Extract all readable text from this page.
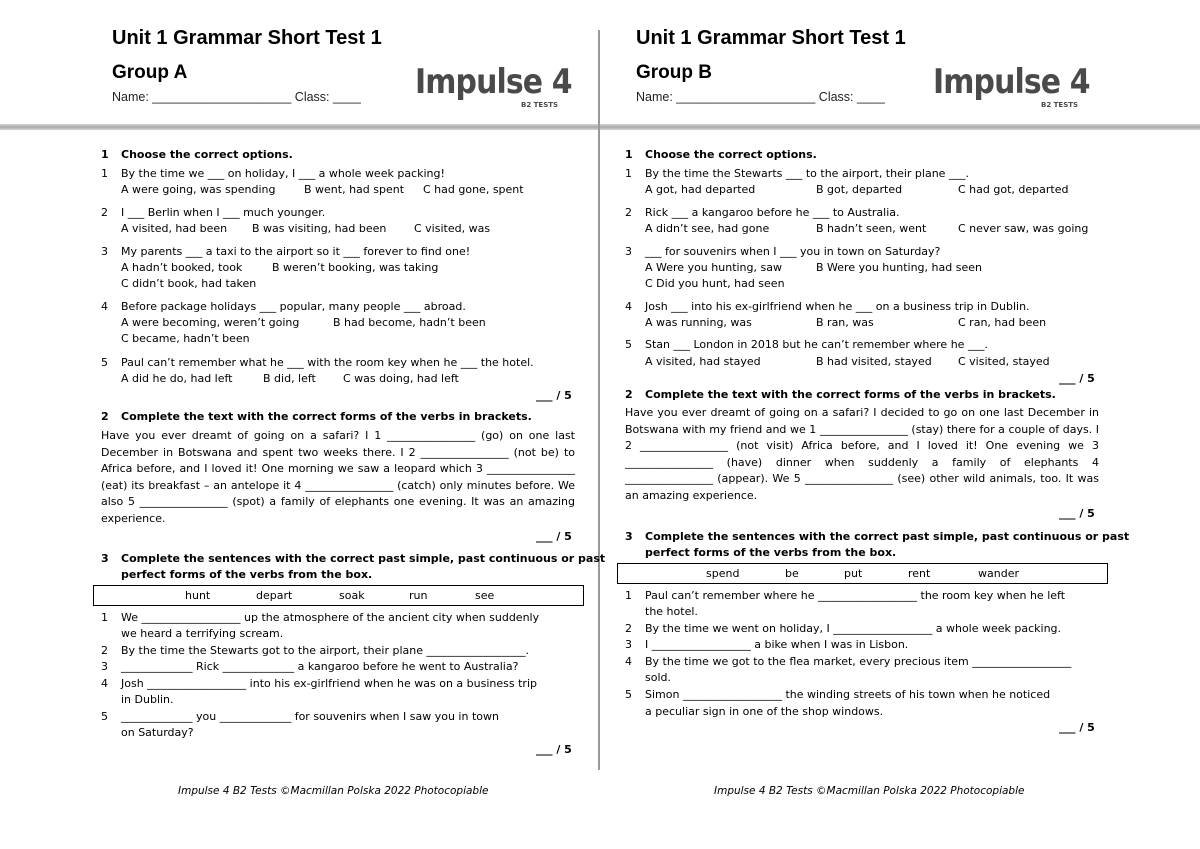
Unit 1 Grammar Short Test 1
Group A
Name: ____________________ Class: ____ Impulse 4
B2 TESTS
1 Choose the correct options.
1 By the time we ___ on holiday, I ___ a whole week packing!
A were going, was spending	B went, had spent C had gone, spent
2 I ___ Berlin when I ___ much younger.
A visited, had been B was visiting, had been	C visited, was
3 My parents ___ a taxi to the airport so it ___ forever to find one!
A hadn’t booked, took	B weren’t booking, was taking
C didn’t book, had taken
4 Before package holidays ___ popular, many people ___ abroad.
A were becoming, weren’t going	B had become, hadn’t been
C became, hadn’t been
5 Paul can’t remember what he ___ with the room key when he ___ the hotel.
A did he do, had left	B did, left C was doing, had left
___ / 5
2 Complete the text with the correct forms of the verbs in brackets.
Have you ever dreamt of going on a safari? I 1 ________________ (go) on one last December in Botswana and spent two weeks there. I 2 ________________ (not be) to Africa before, and I loved it! One morning we saw a leopard which 3 ________________ (eat) its breakfast – an antelope it 4 ________________ (catch) only minutes before. We also 5 ________________ (spot) a family of elephants one evening. It was an amazing experience.
___ / 5
3 Complete the sentences with the correct past simple, past continuous or past
perfect forms of the verbs from the box.
hunt	depart	soak	run	see
1 We __________________ up the atmosphere of the ancient city when suddenly
we heard a terrifying scream.
2 By the time the Stewarts got to the airport, their plane __________________.
3 _____________ Rick _____________ a kangaroo before he went to Australia?
4 Josh __________________ into his ex-girlfriend when he was on a business trip
in Dublin.
5 _____________ you _____________ for souvenirs when I saw you in town
on Saturday?
___ / 5
Impulse 4 B2 Tests ©Macmillan Polska 2022 Photocopiable
Unit 1 Grammar Short Test 1
Group B
Name: ____________________ Class: ____ Impulse 4
B2 TESTS
1 Choose the correct options.
1 By the time the Stewarts ___ to the airport, their plane ___.
A got, had departed	B got, departed	C had got, departed
2 Rick ___ a kangaroo before he ___ to Australia.
A didn’t see, had gone	B hadn’t seen, went	C never saw, was going
3 ___ for souvenirs when I ___ you in town on Saturday?
A Were you hunting, saw	B Were you hunting, had seen
C Did you hunt, had seen
4 Josh ___ into his ex-girlfriend when he ___ on a business trip in Dublin.
A was running, was	B ran, was	C ran, had been
5 Stan ___ London in 2018 but he can’t remember where he ___.
A visited, had stayed	B had visited, stayed C visited, stayed
___ / 5
2 Complete the text with the correct forms of the verbs in brackets.
Have you ever dreamt of going on a safari? I decided to go on one last December in Botswana with my friend and we 1 ________________ (stay) there for a couple of days. I 2 ________________ (not visit) Africa before, and I loved it! One evening we 3 ________________ (have) dinner when suddenly a family of elephants 4 ________________ (appear). We 5 ________________ (see) other wild animals, too. It was an amazing experience.
___ / 5
3 Complete the sentences with the correct past simple, past continuous or past
perfect forms of the verbs from the box.
spend	be	put	rent	wander
1 Paul can’t remember where he __________________ the room key when he left
the hotel.
2 By the time we went on holiday, I __________________ a whole week packing.
3 I __________________ a bike when I was in Lisbon.
4 By the time we got to the flea market, every precious item __________________
sold.
5 Simon __________________ the winding streets of his town when he noticed
a peculiar sign in one of the shop windows.
___ / 5
Impulse 4 B2 Tests ©Macmillan Polska 2022 Photocopiable
